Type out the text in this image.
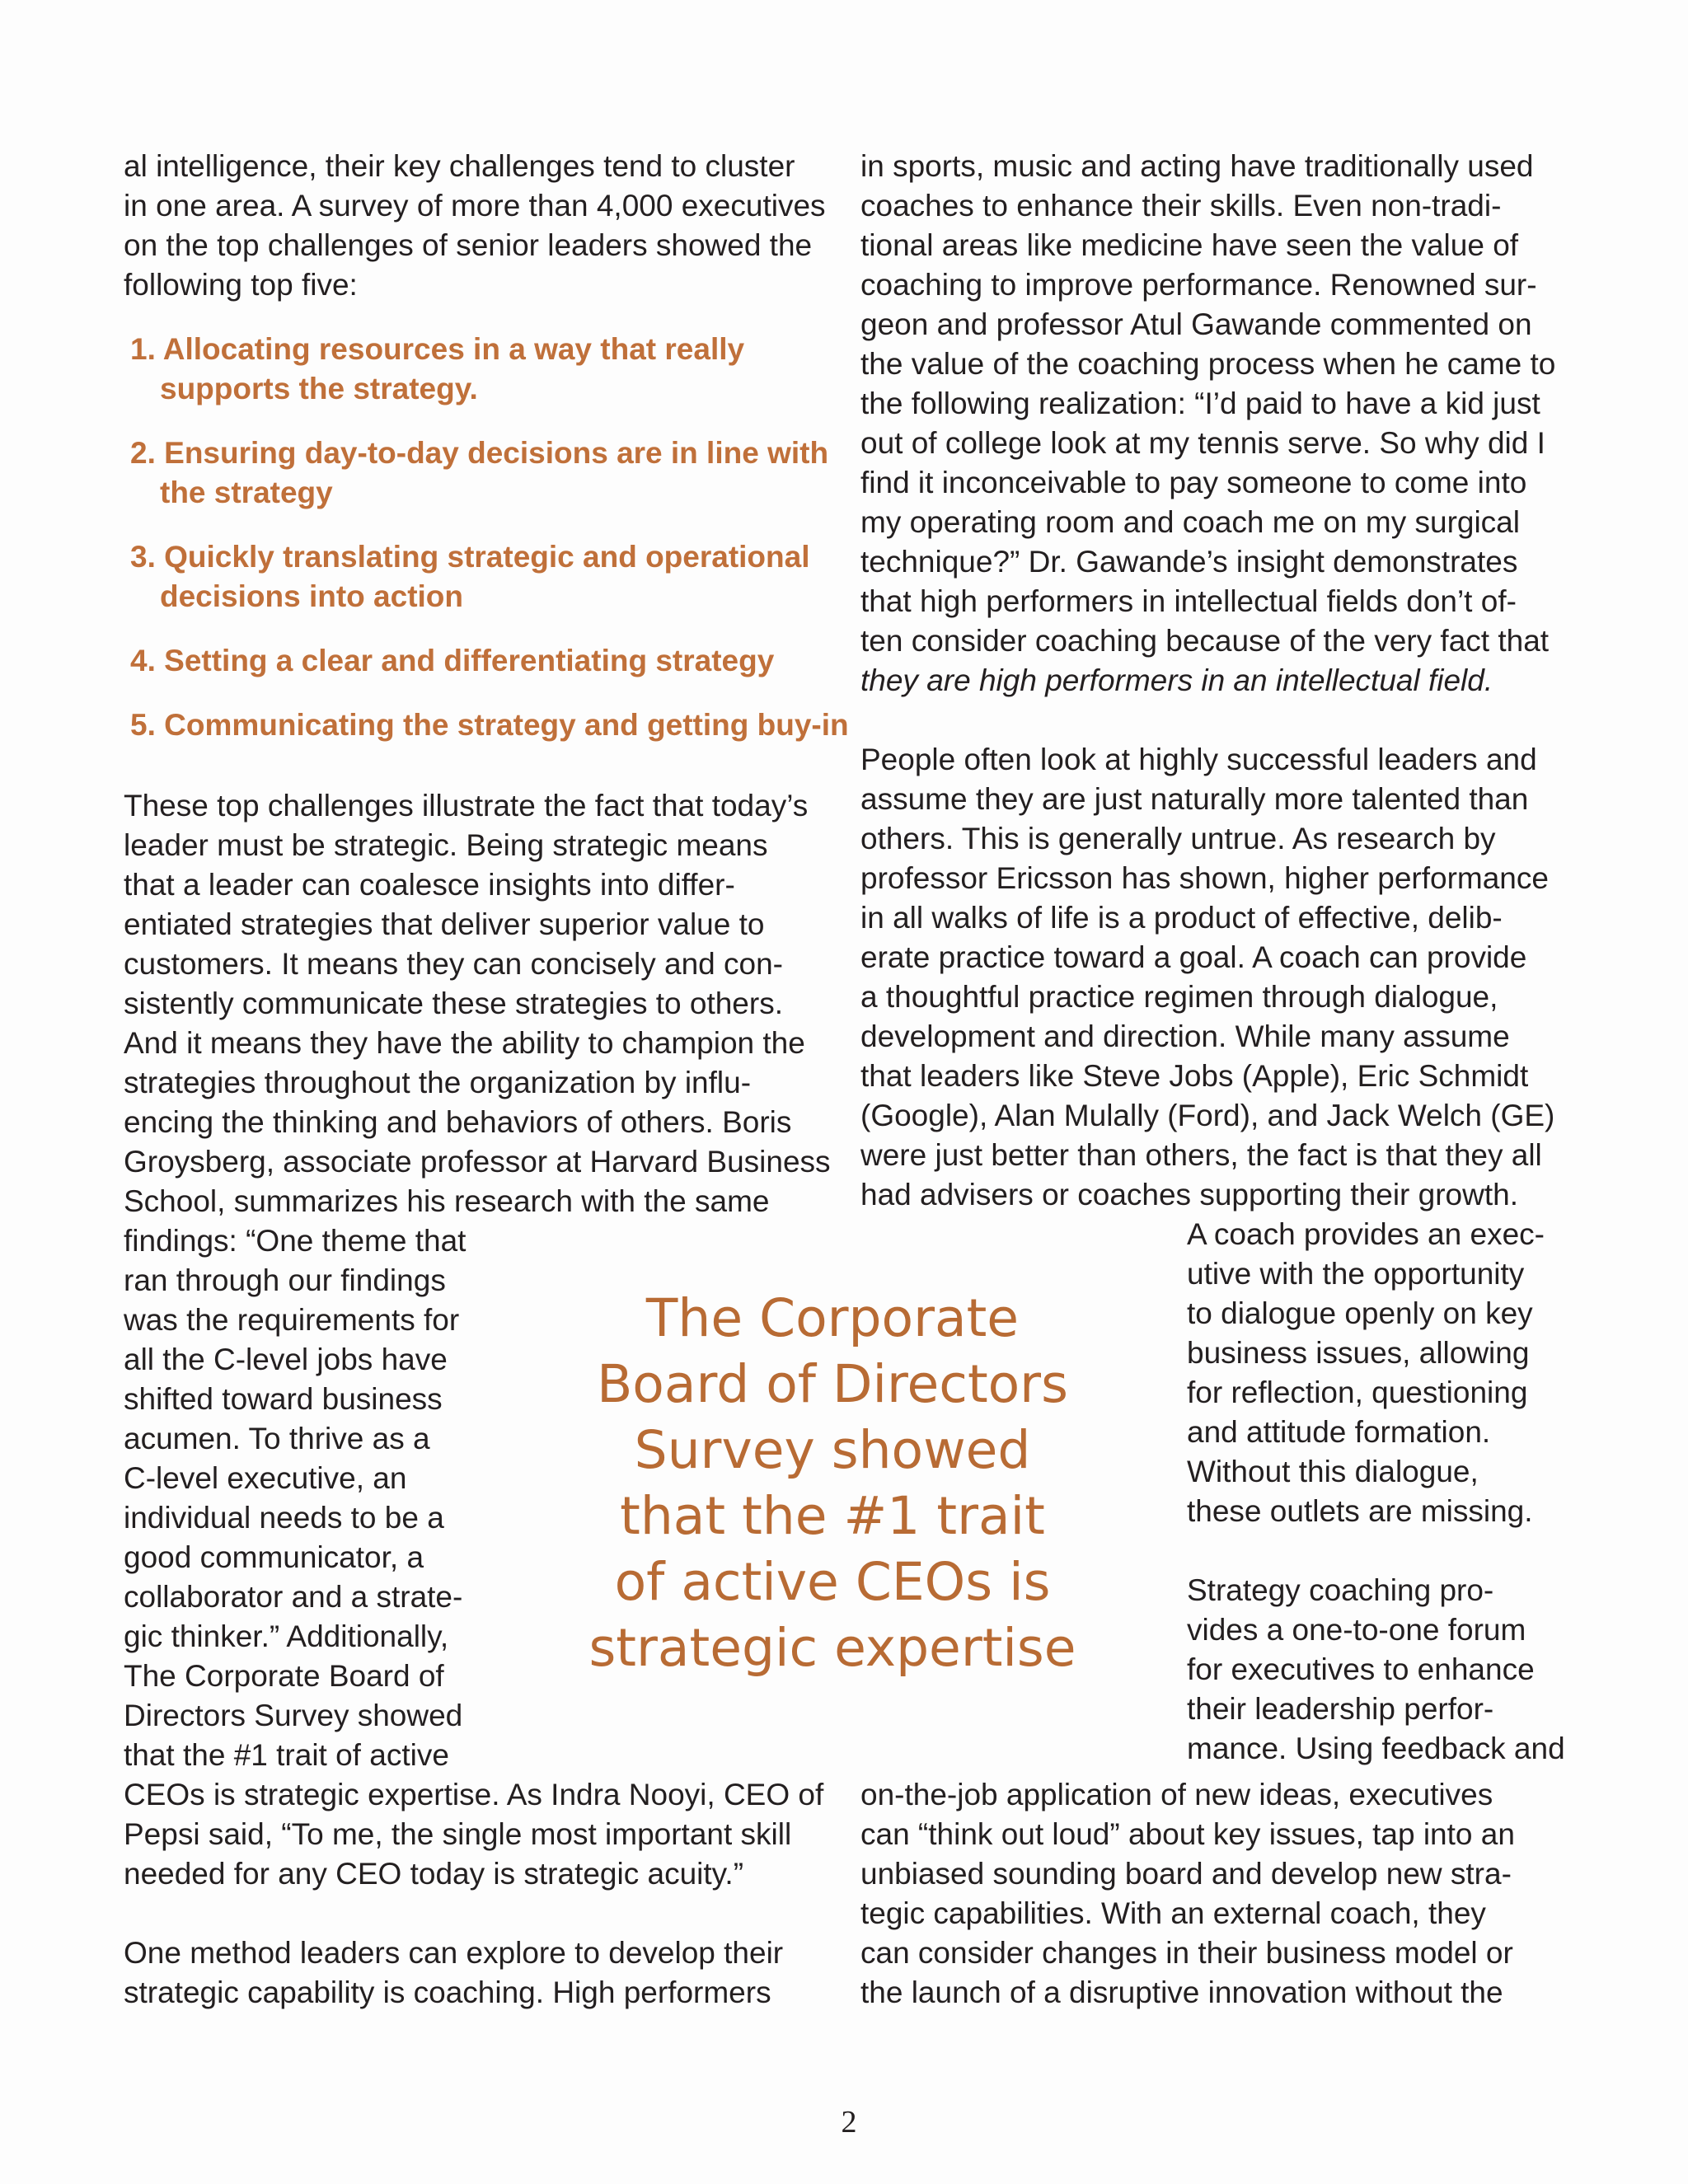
al intelligence, their key challenges tend to cluster
in one area. A survey of more than 4,000 executives
on the top challenges of senior leaders showed the
following top five:
1. Allocating resources in a way that really
supports the strategy.
2. Ensuring day-to-day decisions are in line with
the strategy
3. Quickly translating strategic and operational
decisions into action
4. Setting a clear and differentiating strategy
5. Communicating the strategy and getting buy-in
These top challenges illustrate the fact that today’s
leader must be strategic. Being strategic means
that a leader can coalesce insights into differ-
entiated strategies that deliver superior value to
customers. It means they can concisely and con-
sistently communicate these strategies to others.
And it means they have the ability to champion the
strategies throughout the organization by influ-
encing the thinking and behaviors of others. Boris
Groysberg, associate professor at Harvard Business
School, summarizes his research with the same
findings: “One theme that
ran through our findings
was the requirements for
all the C-level jobs have
shifted toward business
acumen. To thrive as a
C-level executive, an
individual needs to be a
good communicator, a
collaborator and a strate-
gic thinker.” Additionally,
The Corporate Board of
Directors Survey showed
that the #1 trait of active
CEOs is strategic expertise. As Indra Nooyi, CEO of
Pepsi said, “To me, the single most important skill
needed for any CEO today is strategic acuity.”
One method leaders can explore to develop their
strategic capability is coaching. High performers
in sports, music and acting have traditionally used
coaches to enhance their skills. Even non-tradi-
tional areas like medicine have seen the value of
coaching to improve performance. Renowned sur-
geon and professor Atul Gawande commented on
the value of the coaching process when he came to
the following realization: “I’d paid to have a kid just
out of college look at my tennis serve. So why did I
find it inconceivable to pay someone to come into
my operating room and coach me on my surgical
technique?” Dr. Gawande’s insight demonstrates
that high performers in intellectual fields don’t of-
ten consider coaching because of the very fact that
they are high performers in an intellectual field.
People often look at highly successful leaders and
assume they are just naturally more talented than
others. This is generally untrue. As research by
professor Ericsson has shown, higher performance
in all walks of life is a product of effective, delib-
erate practice toward a goal. A coach can provide
a thoughtful practice regimen through dialogue,
development and direction. While many assume
that leaders like Steve Jobs (Apple), Eric Schmidt
(Google), Alan Mulally (Ford), and Jack Welch (GE)
were just better than others, the fact is that they all
had advisers or coaches supporting their growth.
A coach provides an exec-
utive with the opportunity
to dialogue openly on key
business issues, allowing
for reflection, questioning
and attitude formation.
Without this dialogue,
these outlets are missing.
Strategy coaching pro-
vides a one-to-one forum
for executives to enhance
their leadership perfor-
mance. Using feedback and
on-the-job application of new ideas, executives
can “think out loud” about key issues, tap into an
unbiased sounding board and develop new stra-
tegic capabilities. With an external coach, they
can consider changes in their business model or
the launch of a disruptive innovation without the
The Corporate
Board of Directors
Survey showed
that the #1 trait
of active CEOs is
strategic expertise
2
